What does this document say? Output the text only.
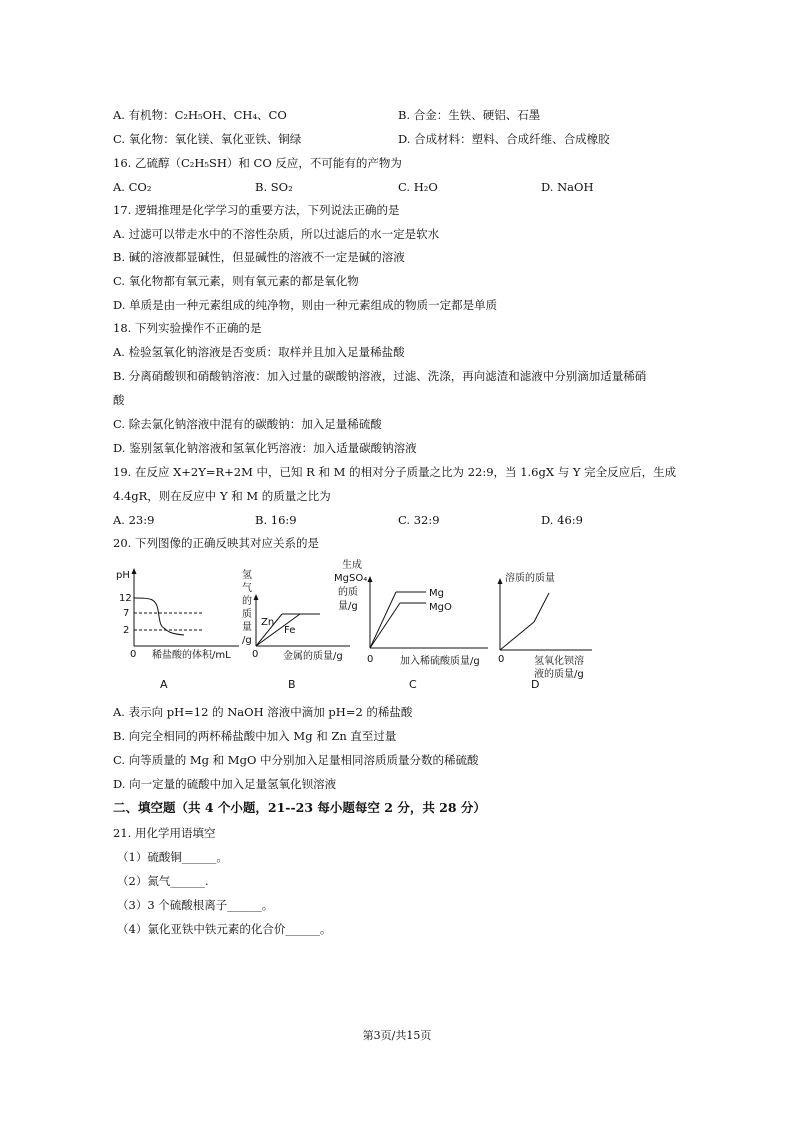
A. 有机物：C₂H₅OH、CH₄、CO	B. 合金：生铁、硬铝、石墨
C. 氧化物：氧化镁、氧化亚铁、铜绿	D. 合成材料：塑料、合成纤维、合成橡胶
16. 乙硫醇（C₂H₅SH）和 CO 反应，不可能有的产物为
A. CO₂	B. SO₂	C. H₂O	D. NaOH
17. 逻辑推理是化学学习的重要方法，下列说法正确的是
A. 过滤可以带走水中的不溶性杂质，所以过滤后的水一定是软水
B. 碱的溶液都显碱性，但显碱性的溶液不一定是碱的溶液
C. 氧化物都有氧元素，则有氧元素的都是氧化物
D. 单质是由一种元素组成的纯净物，则由一种元素组成的物质一定都是单质
18. 下列实验操作不正确的是
A. 检验氢氧化钠溶液是否变质：取样并且加入足量稀盐酸
B. 分离硝酸钡和硝酸钠溶液：加入过量的碳酸钠溶液，过滤、洗涤，再向滤渣和滤液中分别滴加适量稀硝
酸
C. 除去氯化钠溶液中混有的碳酸钠：加入足量稀硫酸
D. 鉴别氢氧化钠溶液和氢氧化钙溶液：加入适量碳酸钠溶液
19. 在反应 X+2Y=R+2M 中，已知 R 和 M 的相对分子质量之比为 22:9，当 1.6gX 与 Y 完全反应后，生成
4.4gR，则在反应中 Y 和 M 的质量之比为
A. 23:9	B. 16:9	C. 32:9	D. 46:9
20. 下列图像的正确反映其对应关系的是
pH
12
7
2
0 稀盐酸的体积/mL
A
氢
气
的
质
量
/g
Zn
Fe
0 金属的质量/g
B
生成
MgSO₄
的质
量/g
Mg
MgO
0	加入稀硫酸质量/g
C
溶质的质量
0	氢氧化钡溶
液的质量/g
D
A. 表示向 pH=12 的 NaOH 溶液中滴加 pH=2 的稀盐酸
B. 向完全相同的两杯稀盐酸中加入 Mg 和 Zn 直至过量
C. 向等质量的 Mg 和 MgO 中分别加入足量相同溶质质量分数的稀硫酸
D. 向一定量的硫酸中加入足量氢氧化钡溶液
二、填空题（共 4 个小题，21--23 每小题每空 2 分，共 28 分）
21. 用化学用语填空
（1）硫酸铜______。
（2）氮气______.
（3）3 个硫酸根离子______。
（4）氯化亚铁中铁元素的化合价______。
第3页/共15页
